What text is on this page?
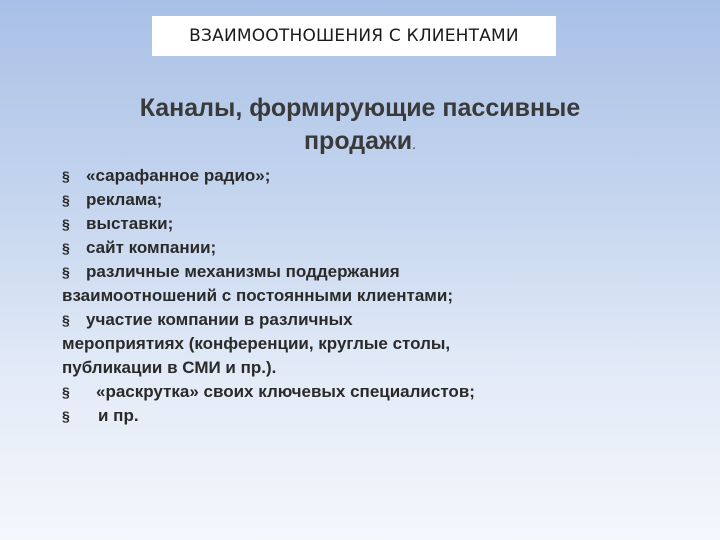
ВЗАИМООТНОШЕНИЯ С КЛИЕНТАМИ
Каналы, формирующие пассивные
продажи.
§ «сарафанное радио»;
§ реклама;
§ выставки;
§ сайт компании;
§ различные механизмы поддержания
взаимоотношений с постоянными клиентами;
§ участие компании в различных
мероприятиях (конференции, круглые столы,
публикации в СМИ и пр.).
§ «раскрутка» своих ключевых специалистов;
§ и пр.
